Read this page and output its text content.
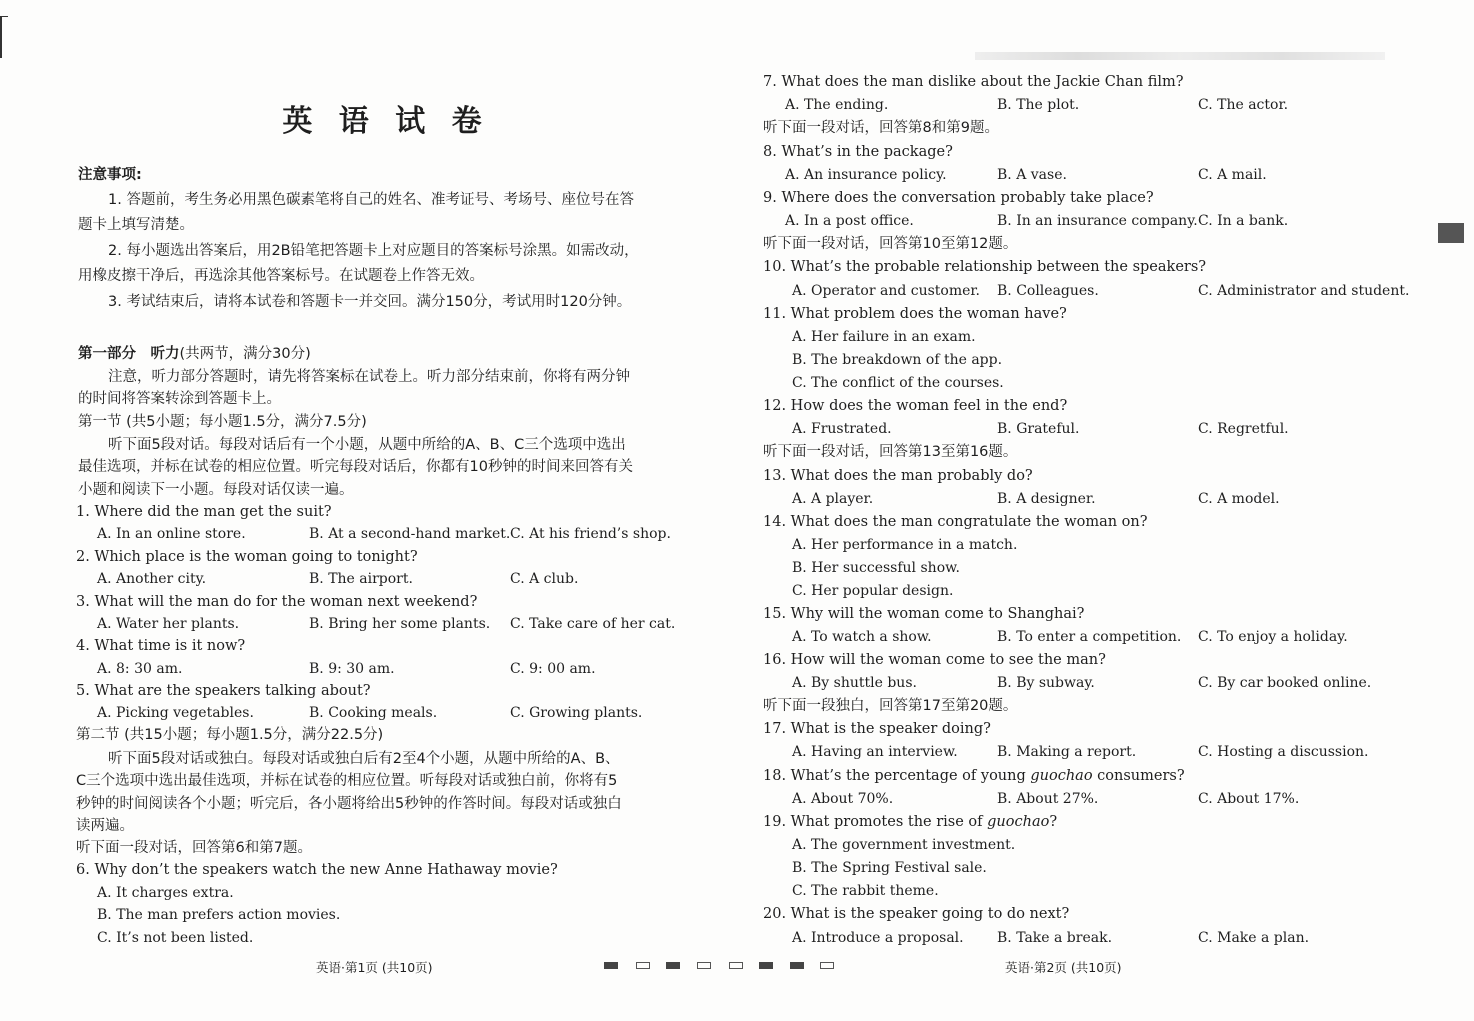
英 语 试 卷
注意事项:
1. 答题前，考生务必用黑色碳素笔将自己的姓名、准考证号、考场号、座位号在答
题卡上填写清楚。
2. 每小题选出答案后，用2B铅笔把答题卡上对应题目的答案标号涂黑。如需改动，
用橡皮擦干净后，再选涂其他答案标号。在试题卷上作答无效。
3. 考试结束后，请将本试卷和答题卡一并交回。满分150分，考试用时120分钟。
第一部分　听力(共两节，满分30分)
注意，听力部分答题时，请先将答案标在试卷上。听力部分结束前，你将有两分钟
的时间将答案转涂到答题卡上。
第一节 (共5小题；每小题1.5分，满分7.5分)
听下面5段对话。每段对话后有一个小题，从题中所给的A、B、C三个选项中选出
最佳选项，并标在试卷的相应位置。听完每段对话后，你都有10秒钟的时间来回答有关
小题和阅读下一小题。每段对话仅读一遍。
1. Where did the man get the suit?
A. In an online store.	B. At a second-hand market. C. At his friend’s shop.
2. Which place is the woman going to tonight?
A. Another city.	B. The airport.	C. A club.
3. What will the man do for the woman next weekend?
A. Water her plants.	B. Bring her some plants. C. Take care of her cat.
4. What time is it now?
A. 8: 30 am.	B. 9: 30 am.	C. 9: 00 am.
5. What are the speakers talking about?
A. Picking vegetables.	B. Cooking meals.	C. Growing plants.
第二节 (共15小题；每小题1.5分，满分22.5分)
听下面5段对话或独白。每段对话或独白后有2至4个小题，从题中所给的A、B、
C三个选项中选出最佳选项，并标在试卷的相应位置。听每段对话或独白前，你将有5
秒钟的时间阅读各个小题；听完后，各小题将给出5秒钟的作答时间。每段对话或独白
读两遍。
听下面一段对话，回答第6和第7题。
6. Why don’t the speakers watch the new Anne Hathaway movie?
A. It charges extra.
B. The man prefers action movies.
C. It’s not been listed.
英语·第1页 (共10页)
7. What does the man dislike about the Jackie Chan film?
A. The ending.	B. The plot.	C. The actor.
听下面一段对话，回答第8和第9题。
8. What’s in the package?
A. An insurance policy.	B. A vase.	C. A mail.
9. Where does the conversation probably take place?
A. In a post office.	B. In an insurance company. C. In a bank.
听下面一段对话，回答第10至第12题。
10. What’s the probable relationship between the speakers?
A. Operator and customer. B. Colleagues.	C. Administrator and student.
11. What problem does the woman have?
A. Her failure in an exam.
B. The breakdown of the app.
C. The conflict of the courses.
12. How does the woman feel in the end?
A. Frustrated.	B. Grateful.	C. Regretful.
听下面一段对话，回答第13至第16题。
13. What does the man probably do?
A. A player.	B. A designer.	C. A model.
14. What does the man congratulate the woman on?
A. Her performance in a match.
B. Her successful show.
C. Her popular design.
15. Why will the woman come to Shanghai?
A. To watch a show.	B. To enter a competition. C. To enjoy a holiday.
16. How will the woman come to see the man?
A. By shuttle bus.	B. By subway.	C. By car booked online.
听下面一段独白，回答第17至第20题。
17. What is the speaker doing?
A. Having an interview.	B. Making a report.	C. Hosting a discussion.
18. What’s the percentage of young guochao consumers?
A. About 70%.	B. About 27%.	C. About 17%.
19. What promotes the rise of guochao?
A. The government investment.
B. The Spring Festival sale.
C. The rabbit theme.
20. What is the speaker going to do next?
A. Introduce a proposal. B. Take a break.	C. Make a plan.
英语·第2页 (共10页)
